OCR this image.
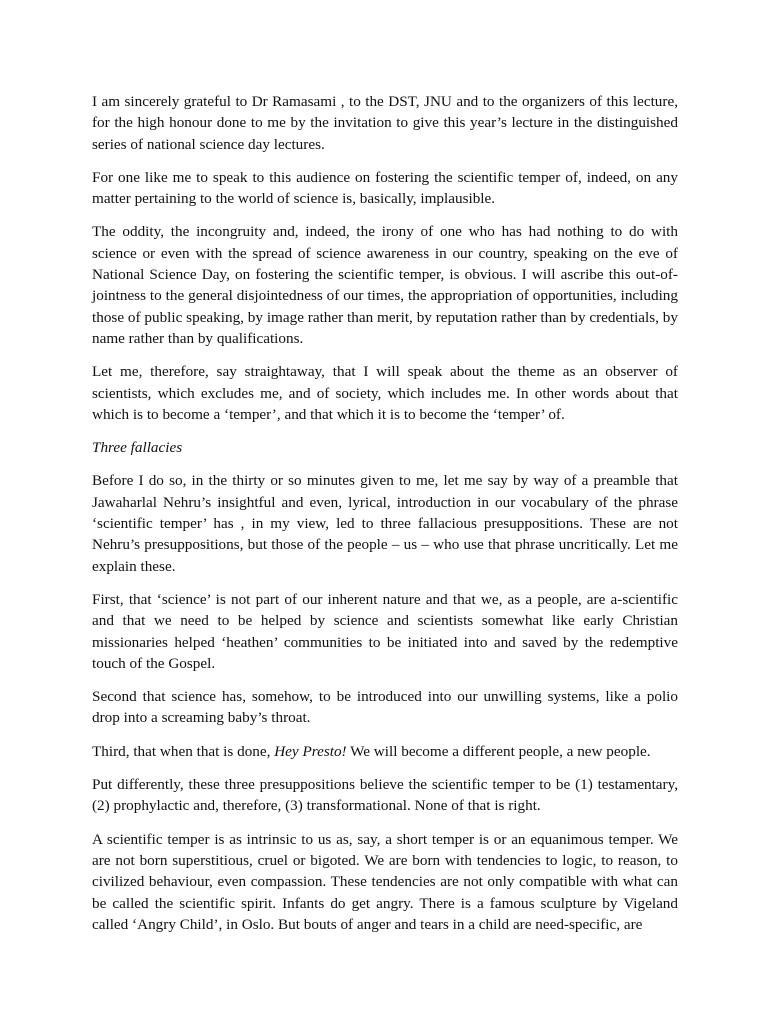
I am sincerely grateful to Dr Ramasami , to the DST, JNU and to the organizers of this lecture, for the high honour done to me by the invitation to give this year’s lecture in the distinguished series of national science day lectures.

For one like me to speak to this audience on fostering the scientific temper of, indeed, on any matter pertaining to the world of science is, basically, implausible.

The oddity, the incongruity and, indeed, the irony of one who has had nothing to do with science or even with the spread of science awareness in our country, speaking on the eve of National Science Day, on fostering the scientific temper, is obvious. I will ascribe this out-of-jointness to the general disjointedness of our times, the appropriation of opportunities, including those of public speaking, by image rather than merit, by reputation rather than by credentials, by name rather than by qualifications.

Let me, therefore, say straightaway, that I will speak about the theme as an observer of scientists, which excludes me, and of society, which includes me. In other words about that which is to become a ‘temper’, and that which it is to become the ‘temper’ of.

Three fallacies

Before I do so, in the thirty or so minutes given to me, let me say by way of a preamble that Jawaharlal Nehru’s insightful and even, lyrical, introduction in our vocabulary of the phrase ‘scientific temper’ has , in my view, led to three fallacious presuppositions. These are not Nehru’s presuppositions, but those of the people – us – who use that phrase uncritically. Let me explain these.

First, that ‘science’ is not part of our inherent nature and that we, as a people, are a-scientific and that we need to be helped by science and scientists somewhat like early Christian missionaries helped ‘heathen’ communities to be initiated into and saved by the redemptive touch of the Gospel.

Second that science has, somehow, to be introduced into our unwilling systems, like a polio drop into a screaming baby’s throat.

Third, that when that is done, Hey Presto! We will become a different people, a new people.

Put differently, these three presuppositions believe the scientific temper to be (1) testamentary, (2) prophylactic and, therefore, (3) transformational. None of that is right.

A scientific temper is as intrinsic to us as, say, a short temper is or an equanimous temper. We are not born superstitious, cruel or bigoted. We are born with tendencies to logic, to reason, to civilized behaviour, even compassion. These tendencies are not only compatible with what can be called the scientific spirit. Infants do get angry. There is a famous sculpture by Vigeland called ‘Angry Child’, in Oslo. But bouts of anger and tears in a child are need-specific, are
